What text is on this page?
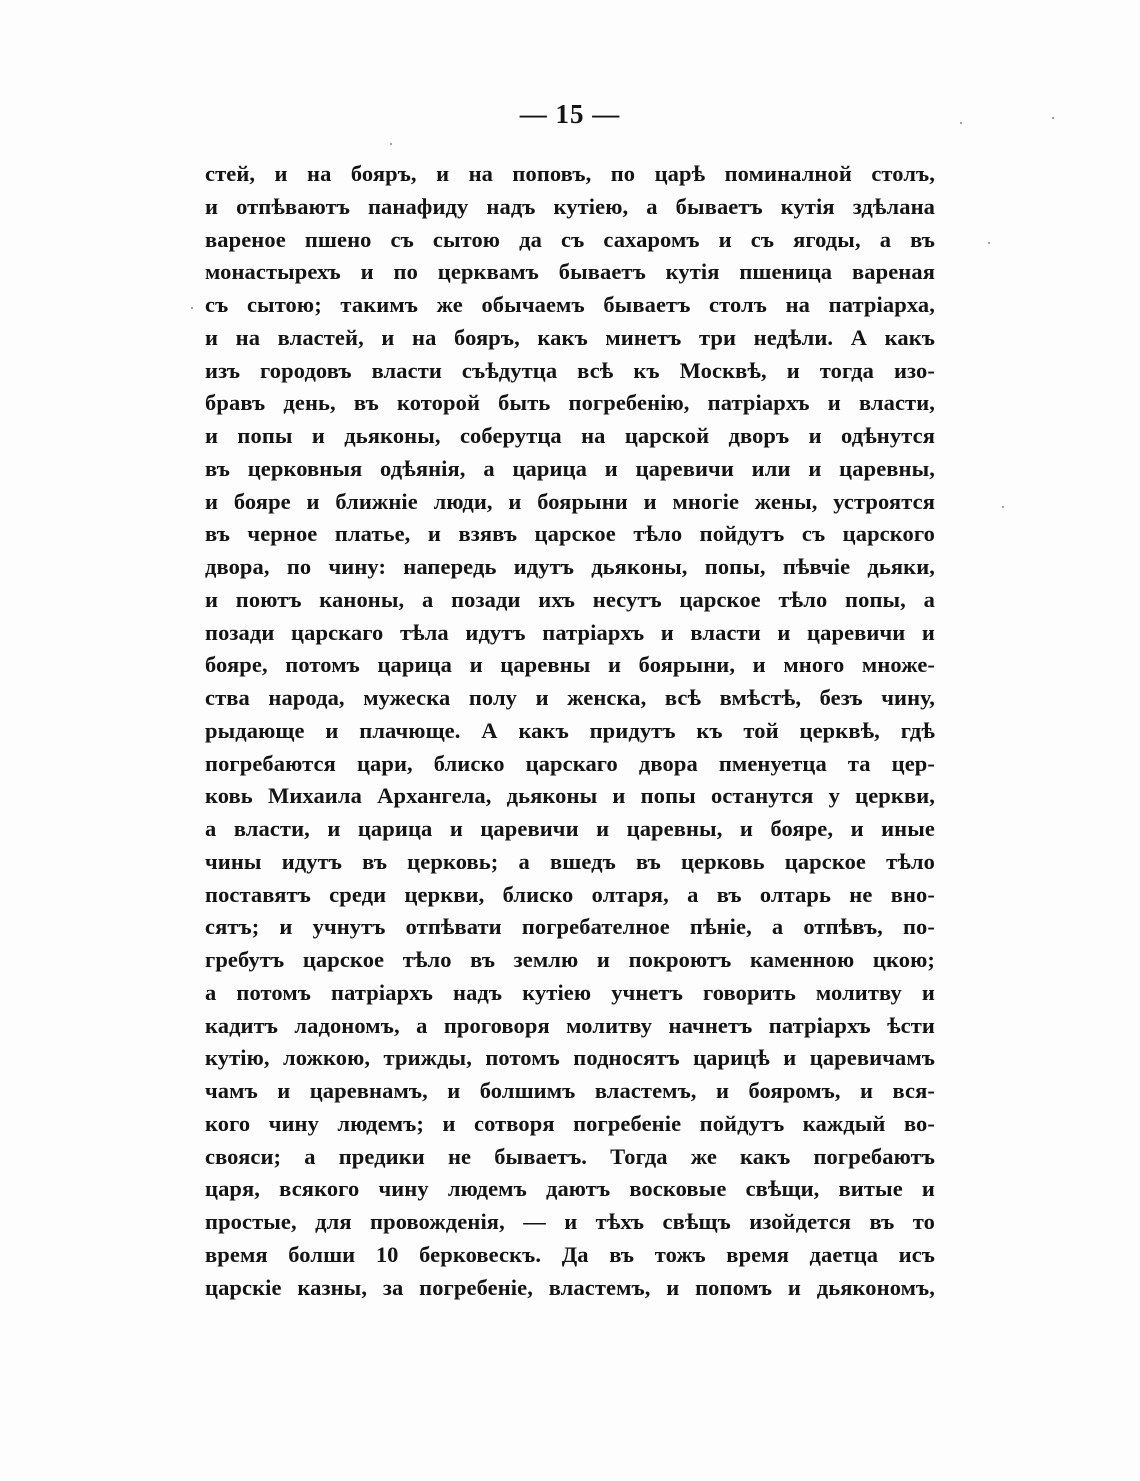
— 15 —
стей, и на бояръ, и на поповъ, по царѣ поминалной столъ,
и отпѣваютъ панафиду надъ кутіею, а бываетъ кутія здѣлана
вареное пшено съ сытою да съ сахаромъ и съ ягоды, а въ
монастырехъ и по церквамъ бываетъ кутія пшеница вареная
съ сытою; такимъ же обычаемъ бываетъ столъ на патріарха,
и на властей, и на бояръ, какъ минетъ три недѣли. А какъ
изъ городовъ власти съѣдутца всѣ къ Москвѣ, и тогда изо-
бравъ день, въ которой быть погребенію, патріархъ и власти,
и попы и дьяконы, соберутца на царской дворъ и одѣнутся
въ церковныя одѣянія, а царица и царевичи или и царевны,
и бояре и ближніе люди, и боярыни и многіе жены, устроятся
въ черное платье, и взявъ царское тѣло пойдутъ съ царского
двора, по чину: напередь идутъ дьяконы, попы, пѣвчіе дьяки,
и поютъ каноны, а позади ихъ несутъ царское тѣло попы, а
позади царскаго тѣла идутъ патріархъ и власти и царевичи и
бояре, потомъ царица и царевны и боярыни, и много множе-
ства народа, мужеска полу и женска, всѣ вмѣстѣ, безъ чину,
рыдающе и плачюще. А какъ придутъ къ той церквѣ, гдѣ
погребаются цари, блиско царскаго двора пменуетца та цер-
ковь Михаила Архангела, дьяконы и попы останутся у церкви,
а власти, и царица и царевичи и царевны, и бояре, и иные
чины идутъ въ церковь; а вшедъ въ церковь царское тѣло
поставятъ среди церкви, блиско олтаря, а въ олтарь не вно-
сятъ; и учнутъ отпѣвати погребателное пѣніе, а отпѣвъ, по-
гребутъ царское тѣло въ землю и покроютъ каменною цкою;
а потомъ патріархъ надъ кутіею учнетъ говорить молитву и
кадитъ ладономъ, а проговоря молитву начнетъ патріархъ ѣсти
кутію, ложкою, трижды, потомъ подносятъ царицѣ и царевичамъ
чамъ и царевнамъ, и болшимъ властемъ, и бояромъ, и вся-
кого чину людемъ; и сотворя погребеніе пойдутъ каждый во-
свояси; а предики не бываетъ. Тогда же какъ погребаютъ
царя, всякого чину людемъ даютъ восковые свѣщи, витые и
простые, для провожденія, — и тѣхъ свѣщъ изойдется въ то
время болши 10 берковескъ. Да въ тожъ время даетца исъ
царскіе казны, за погребеніе, властемъ, и попомъ и дьякономъ,
